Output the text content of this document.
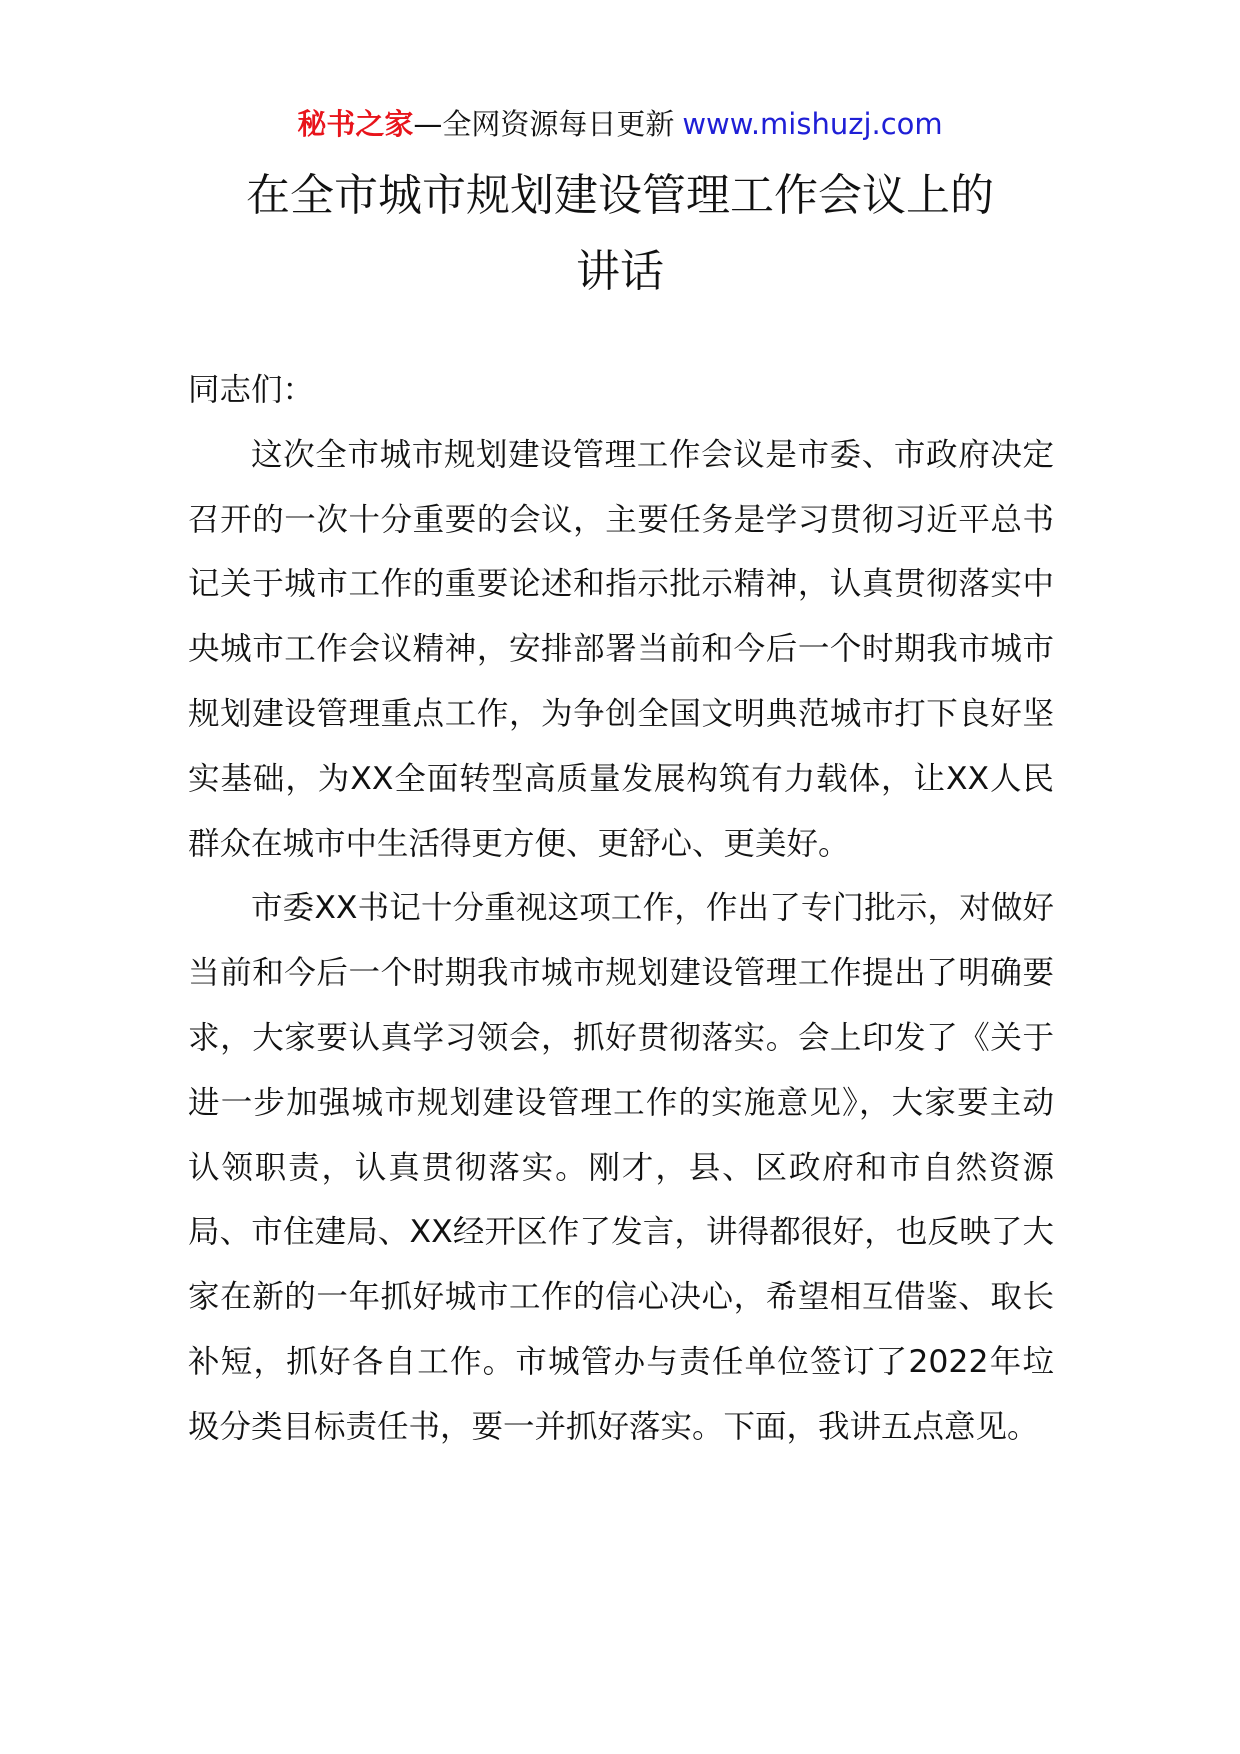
秘书之家—全网资源每日更新 www.mishuzj.com
在全市城市规划建设管理工作会议上的
讲话

同志们：

这次全市城市规划建设管理工作会议是市委、市政府决定召开的一次十分重要的会议，主要任务是学习贯彻习近平总书记关于城市工作的重要论述和指示批示精神，认真贯彻落实中央城市工作会议精神，安排部署当前和今后一个时期我市城市规划建设管理重点工作，为争创全国文明典范城市打下良好坚实基础，为XX全面转型高质量发展构筑有力载体，让XX人民群众在城市中生活得更方便、更舒心、更美好。

市委XX书记十分重视这项工作，作出了专门批示，对做好当前和今后一个时期我市城市规划建设管理工作提出了明确要求，大家要认真学习领会，抓好贯彻落实。会上印发了《关于进一步加强城市规划建设管理工作的实施意见》，大家要主动认领职责，认真贯彻落实。刚才，县、区政府和市自然资源局、市住建局、XX经开区作了发言，讲得都很好，也反映了大家在新的一年抓好城市工作的信心决心，希望相互借鉴、取长补短，抓好各自工作。市城管办与责任单位签订了2022年垃圾分类目标责任书，要一并抓好落实。下面，我讲五点意见。
